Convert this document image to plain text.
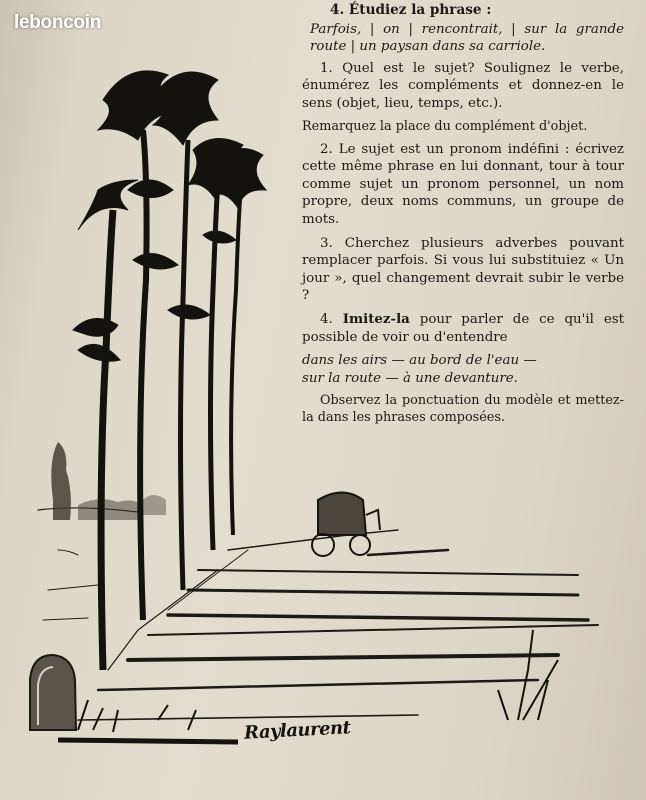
leboncoin
4. Étudiez la phrase :
Parfois, | on | rencontrait, | sur la grande route | un paysan dans sa carriole.
1. Quel est le sujet? Soulignez le verbe, énumérez les compléments et donnez-en le sens (objet, lieu, temps, etc.).
Remarquez la place du complément d'objet.
2. Le sujet est un pronom indéfini : écrivez cette même phrase en lui donnant, tour à tour comme sujet un pronom personnel, un nom propre, deux noms communs, un groupe de mots.
3. Cherchez plusieurs adverbes pouvant remplacer parfois. Si vous lui substituiez « Un jour », quel changement devrait subir le verbe ?
4. Imitez-la pour parler de ce qu'il est possible de voir ou d'entendre
dans les airs — au bord de l'eau —
sur la route — à une devanture.
Observez la ponctuation du modèle et mettez-la dans les phrases composées.
Raylaurent
